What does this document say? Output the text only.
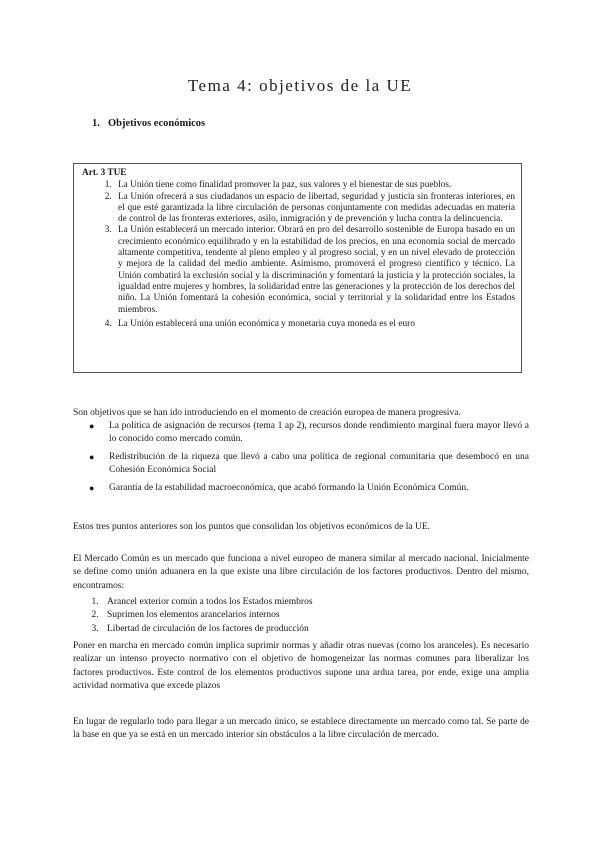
Tema 4: objetivos de la UE
1. Objetivos económicos
Art. 3 TUE
1. La Unión tiene como finalidad promover la paz, sus valores y el bienestar de sus pueblos.
2. La Unión ofrecerá a sus ciudadanos un espacio de libertad, seguridad y justicia sin fronteras interiores, en el que esté garantizada la libre circulación de personas conjuntamente con medidas adecuadas en materia de control de las fronteras exteriores, asilo, inmigración y de prevención y lucha contra la delincuencia.
3. La Unión establecerá un mercado interior. Obrará en pro del desarrollo sostenible de Europa basado en un crecimiento económico equilibrado y en la estabilidad de los precios, en una economía social de mercado altamente competitiva, tendente al pleno empleo y al progreso social, y en un nivel elevado de protección y mejora de la calidad del medio ambiente. Asimismo, promoverá el progreso científico y técnico. La Unión combatirá la exclusión social y la discriminación y fomentará la justicia y la protección sociales, la igualdad entre mujeres y hombres, la solidaridad entre las generaciones y la protección de los derechos del niño. La Unión fomentará la cohesión económica, social y territorial y la solidaridad entre los Estados miembros.
4. La Unión establecerá una unión económica y monetaria cuya moneda es el euro

Son objetivos que se han ido introduciendo en el momento de creación europea de manera progresiva.

● La política de asignación de recursos (tema 1 ap 2), recursos donde rendimiento marginal fuera mayor llevó a lo conocido como mercado común.
● Redistribución de la riqueza que llevó a cabo una política de regional comunitaria que desembocó en una Cohesión Económica Social
● Garantía de la estabilidad macroeconómica, que acabó formando la Unión Económica Común.

Estos tres puntos anteriores son los puntos que consolidan los objetivos económicos de la UE.

El Mercado Común es un mercado que funciona a nivel europeo de manera similar al mercado nacional. Inicialmente se define como unión aduanera en la que existe una libre circulación de los factores productivos. Dentro del mismo, encontramos:

1. Arancel exterior común a todos los Estados miembros
2. Suprimen los elementos arancelarios internos
3. Libertad de circulación de los factores de producción

Poner en marcha en mercado común implica suprimir normas y añadir otras nuevas (como los aranceles). Es necesario realizar un intenso proyecto normativo con el objetivo de homogeneizar las normas comunes para liberalizar los factores productivos. Este control de los elementos productivos supone una ardua tarea, por ende, exige una amplia actividad normativa que excede plazos

En lugar de regularlo todo para llegar a un mercado único, se establece directamente un mercado como tal. Se parte de la base en que ya se está en un mercado interior sin obstáculos a la libre circulación de mercado.
